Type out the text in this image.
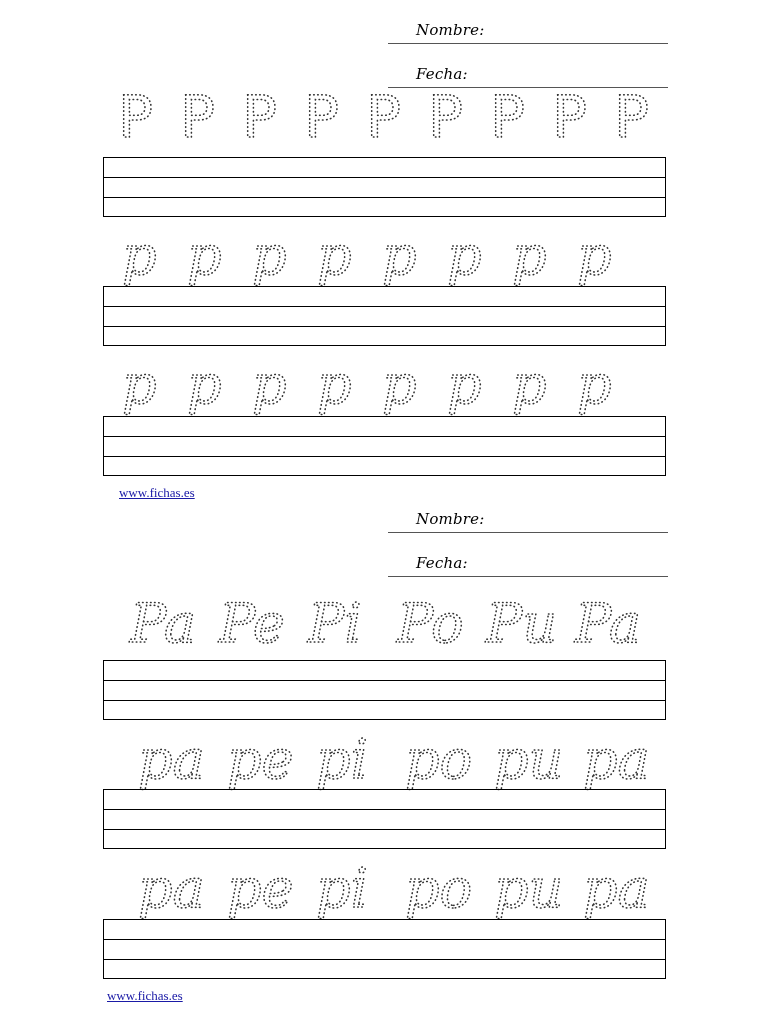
Nombre:
Fecha:
P P P P P P P P P
p p p p p p p p
p p p p p p p p
www.fichas.es
Nombre:
Fecha:
Pa Pe Pi Po Pu Pa
pa pe pi po pu pa
pa pe pi po pu pa
www.fichas.es
